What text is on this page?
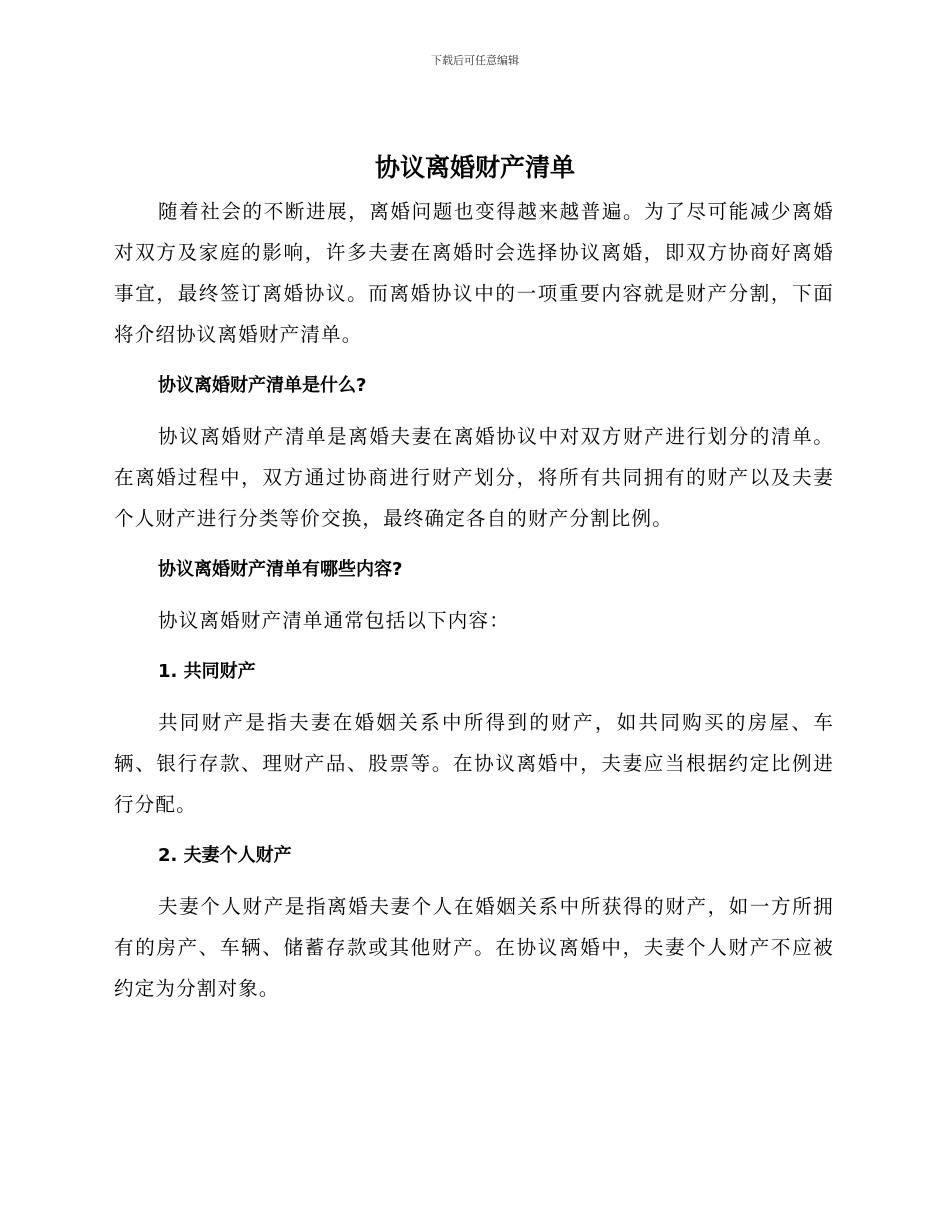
下载后可任意编辑
协议离婚财产清单

随着社会的不断进展，离婚问题也变得越来越普遍。为了尽可能减少离婚对双方及家庭的影响，许多夫妻在离婚时会选择协议离婚，即双方协商好离婚事宜，最终签订离婚协议。而离婚协议中的一项重要内容就是财产分割，下面将介绍协议离婚财产清单。

协议离婚财产清单是什么?

协议离婚财产清单是离婚夫妻在离婚协议中对双方财产进行划分的清单。在离婚过程中，双方通过协商进行财产划分，将所有共同拥有的财产以及夫妻个人财产进行分类等价交换，最终确定各自的财产分割比例。

协议离婚财产清单有哪些内容?

协议离婚财产清单通常包括以下内容：

1. 共同财产

共同财产是指夫妻在婚姻关系中所得到的财产，如共同购买的房屋、车辆、银行存款、理财产品、股票等。在协议离婚中，夫妻应当根据约定比例进行分配。

2. 夫妻个人财产

夫妻个人财产是指离婚夫妻个人在婚姻关系中所获得的财产，如一方所拥有的房产、车辆、储蓄存款或其他财产。在协议离婚中，夫妻个人财产不应被约定为分割对象。
